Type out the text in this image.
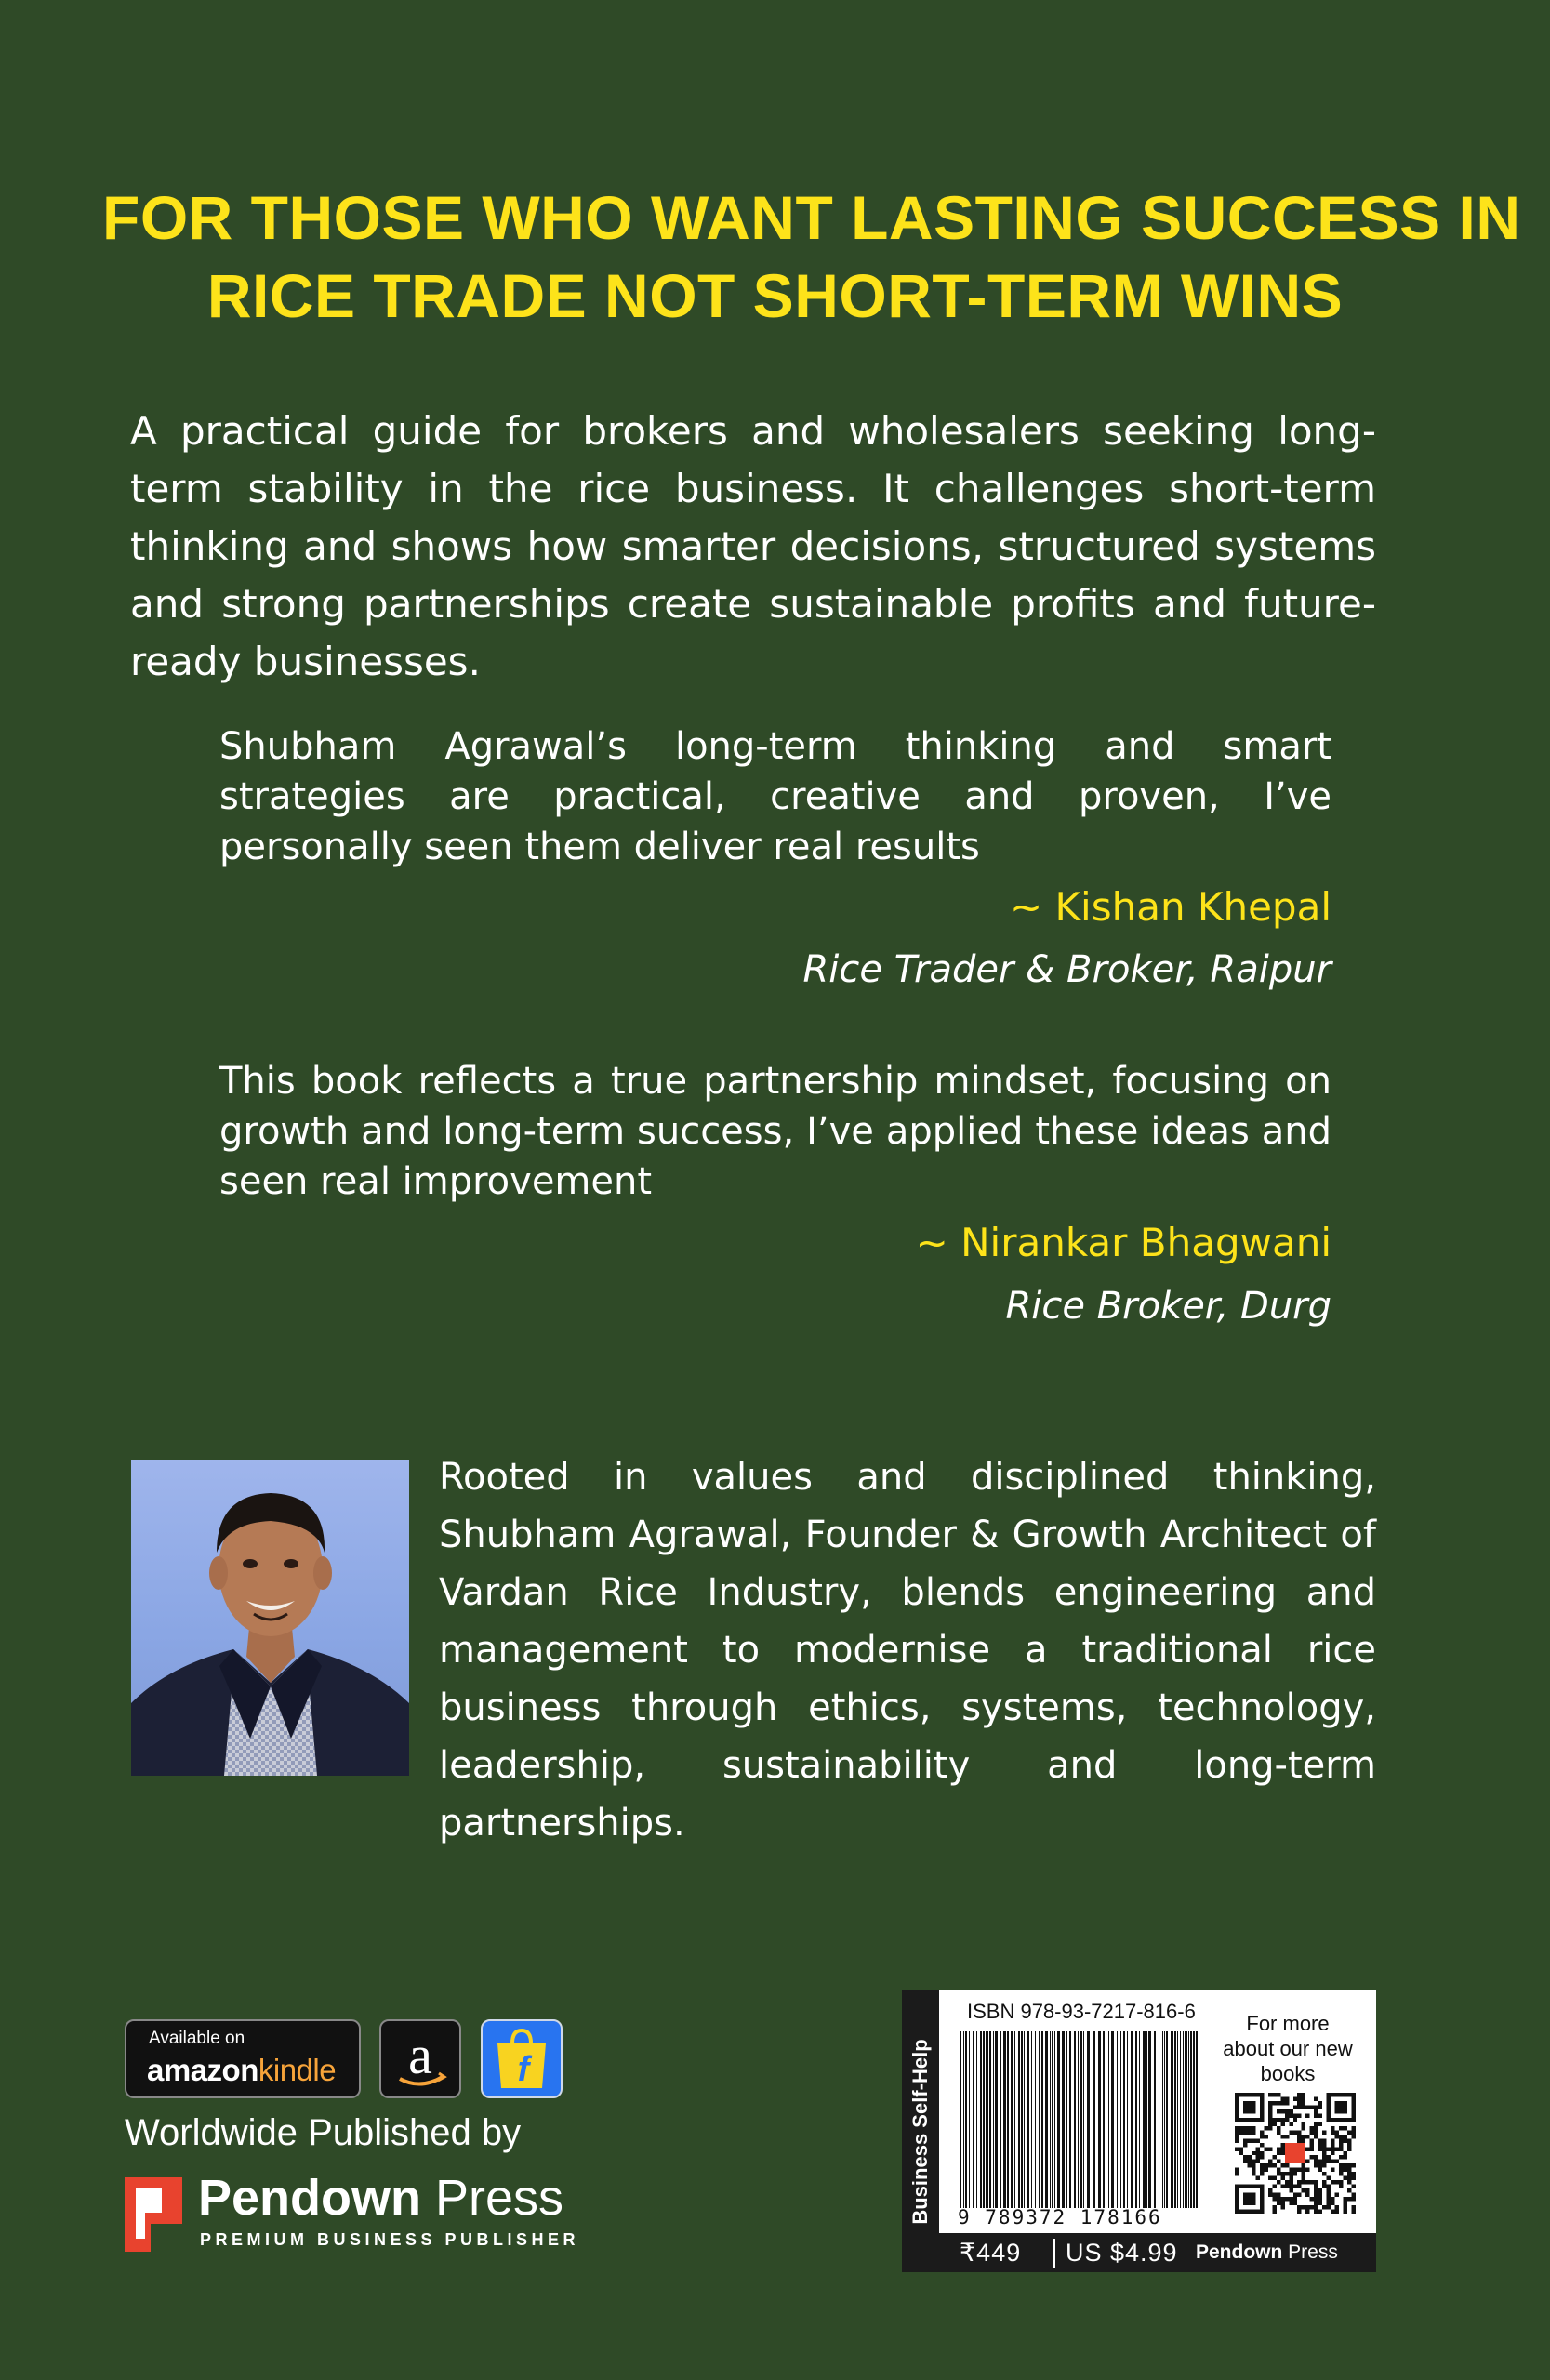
FOR THOSE WHO WANT LASTING SUCCESS IN
RICE TRADE NOT SHORT-TERM WINS
A practical guide for brokers and wholesalers seeking long-term stability in the rice business. It challenges short-term thinking and shows how smarter decisions, structured systems and strong partnerships create sustainable profits and future-ready businesses.
Shubham Agrawal’s long-term thinking and smart strategies are practical, creative and proven, I’ve personally seen them deliver real results
~ Kishan Khepal
Rice Trader & Broker, Raipur
This book reflects a true partnership mindset, focusing on growth and long-term success, I’ve applied these ideas and seen real improvement
~ Nirankar Bhagwani
Rice Broker, Durg
Rooted in values and disciplined thinking, Shubham Agrawal, Founder & Growth Architect of Vardan Rice Industry, blends engineering and management to modernise a traditional rice business through ethics, systems, technology, leadership, sustainability and long-term partnerships.
Available on
amazonkindle a f
Worldwide Published by
Pendown Press
PREMIUM BUSINESS PUBLISHER
Business Self-Help
ISBN 978-93-7217-816-6
9 789372 178166
For more about our new books
₹449 US $4.99 Pendown Press
